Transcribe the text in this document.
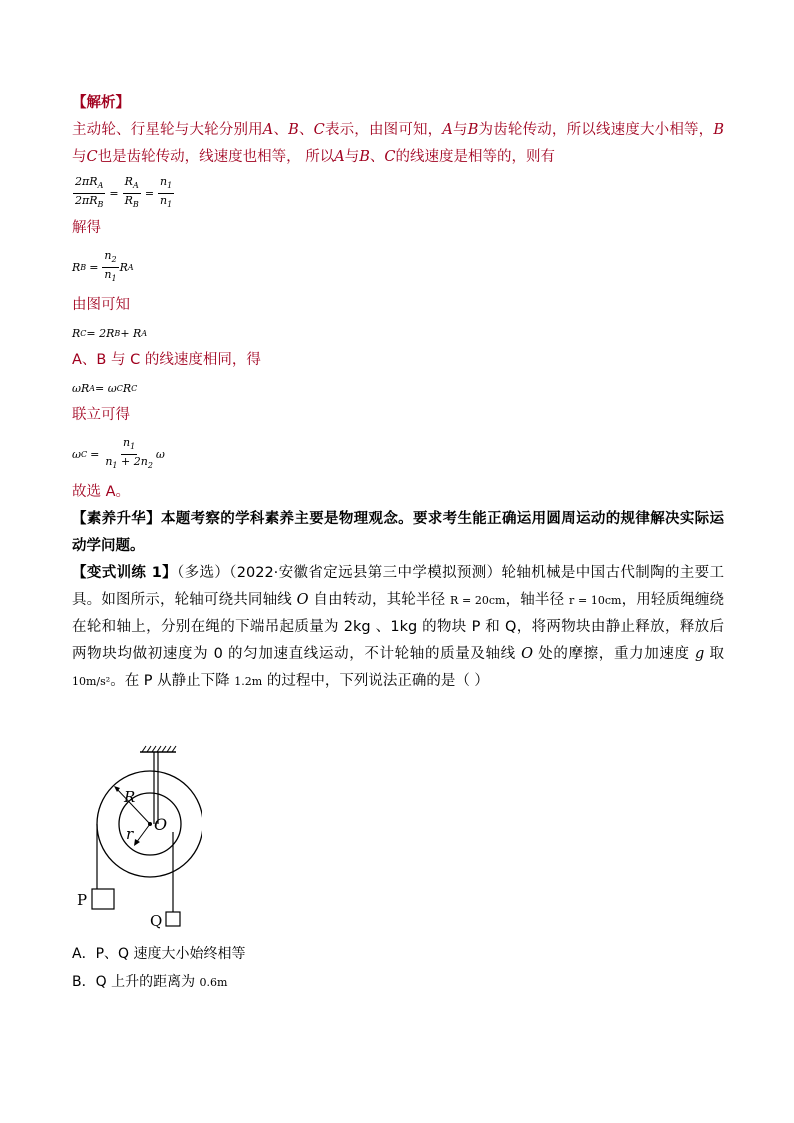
【解析】

主动轮、行星轮与大轮分别用A、B、C表示，由图可知，A与B为齿轮传动，所以线速度大小相等，B与C也是齿轮传动，线速度也相等， 所以A与B、C的线速度是相等的，则有

$\frac{2\pi R_A}{2\pi R_B} = \frac{R_A}{R_B} = \frac{n_1}{n_1}$

解得

R $B = \frac{n_2}{n_1}$ R A

由图可知

R C = 2R B + R A

A、B 与 C 的线速度相同，得

ωR A = ω C R C

联立可得

ω $C = \frac{n_1}{n_1 + 2n_2}$ ω

故选 A。

【素养升华】本题考察的学科素养主要是物理观念。要求考生能正确运用圆周运动的规律解决实际运动学问题。

【变式训练 1】（多选）（2022·安徽省定远县第三中学模拟预测）轮轴机械是中国古代制陶的主要工具。如图所示，轮轴可绕共同轴线 O 自由转动，其轮半径 R = 20cm，轴半径 r = 10cm，用轻质绳缠绕在轮和轴上，分别在绳的下端吊起质量为 2kg 、1kg 的物块 P 和 Q，将两物块由静止释放，释放后两物块均做初速度为 0 的匀加速直线运动，不计轮轴的质量及轴线 O 处的摩擦，重力加速度 g 取 10m/s²。在 P 从静止下降 1.2m 的过程中，下列说法正确的是（ ）

R
r O
P
Q

A．P、Q 速度大小始终相等

B．Q 上升的距离为 0.6m
